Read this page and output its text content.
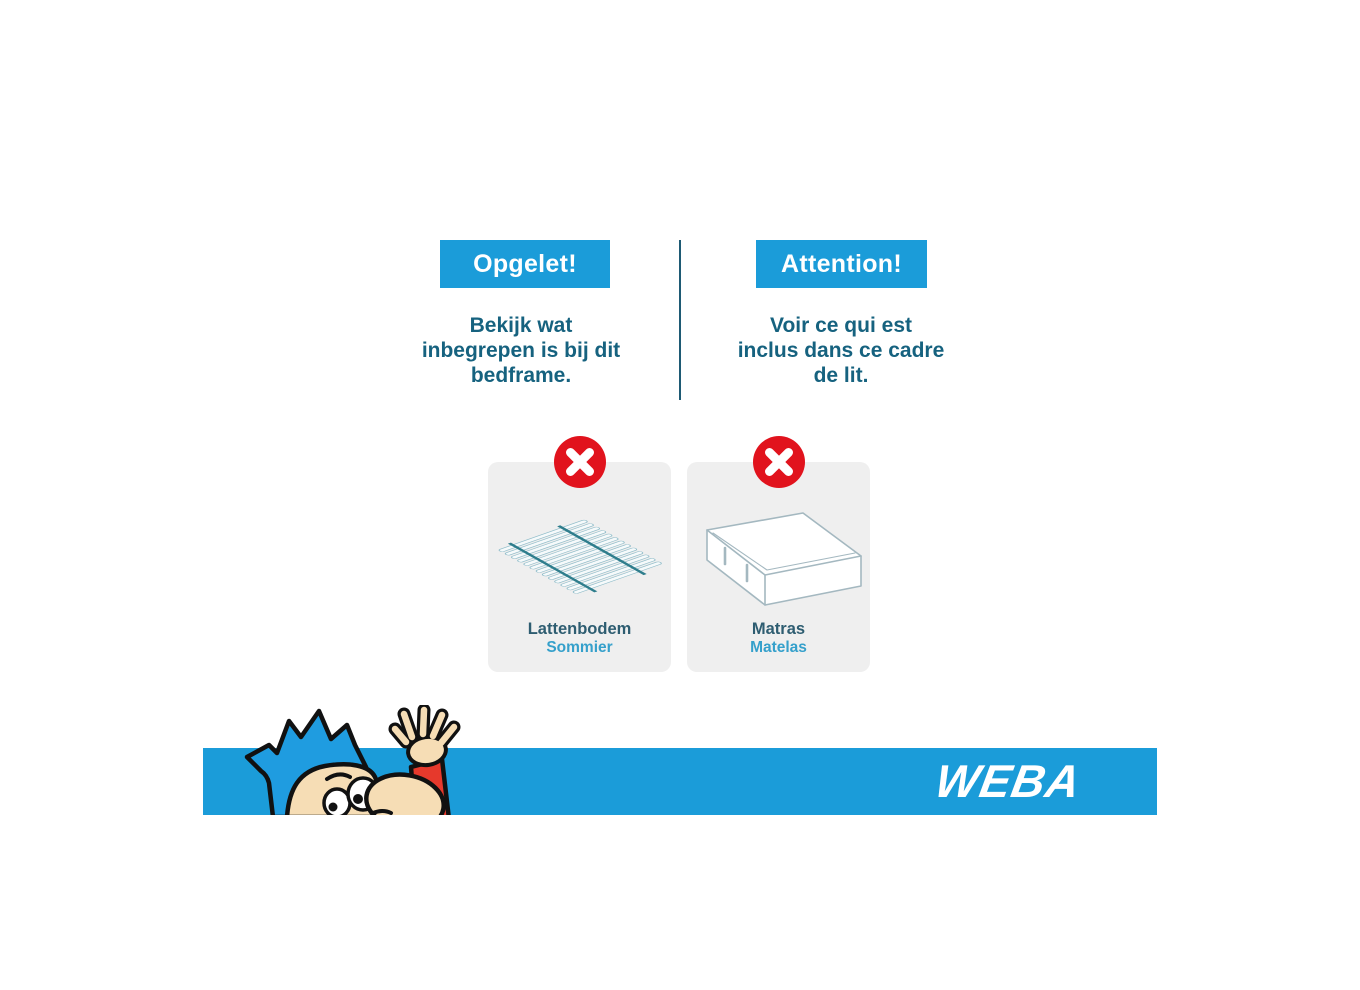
Opgelet!	Attention!
Bekijk wat
inbegrepen is bij dit
bedframe.
Voir ce qui est
inclus dans ce cadre
de lit.
Lattenbodem
Sommier
Matras
Matelas
WEBA
